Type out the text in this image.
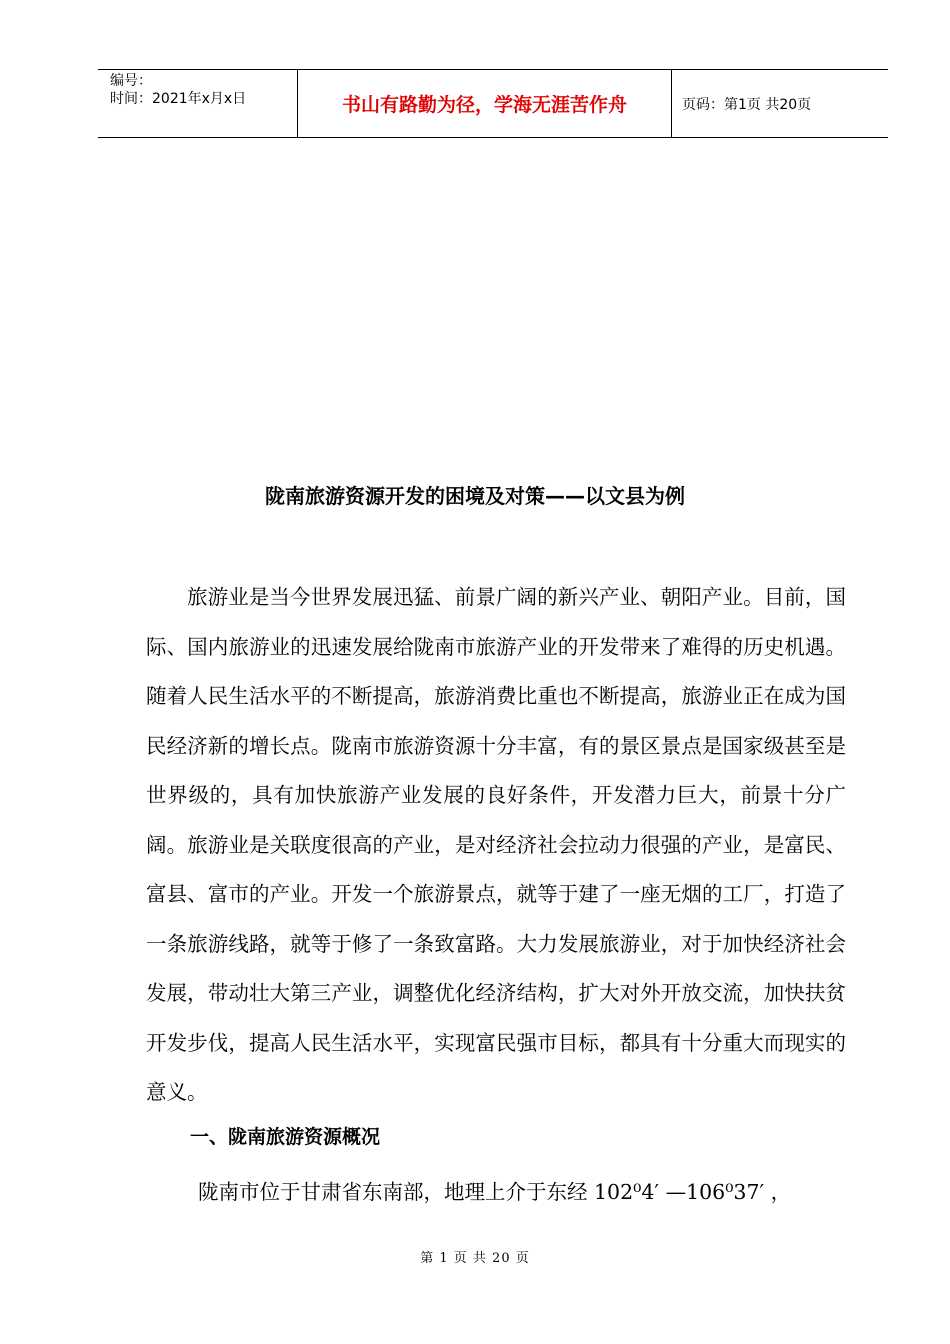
编号：
时间：2021年x月x日	书山有路勤为径，学海无涯苦作舟	页码：第1页 共20页
陇南旅游资源开发的困境及对策——以文县为例

旅游业是当今世界发展迅猛、前景广阔的新兴产业、朝阳产业。目前，国际、国内旅游业的迅速发展给陇南市旅游产业的开发带来了难得的历史机遇。随着人民生活水平的不断提高，旅游消费比重也不断提高，旅游业正在成为国民经济新的增长点。陇南市旅游资源十分丰富，有的景区景点是国家级甚至是世界级的，具有加快旅游产业发展的良好条件，开发潜力巨大，前景十分广阔。旅游业是关联度很高的产业，是对经济社会拉动力很强的产业，是富民、富县、富市的产业。开发一个旅游景点，就等于建了一座无烟的工厂，打造了一条旅游线路，就等于修了一条致富路。大力发展旅游业，对于加快经济社会发展，带动壮大第三产业，调整优化经济结构，扩大对外开放交流，加快扶贫开发步伐，提高人民生活水平，实现富民强市目标，都具有十分重大而现实的意义。

一、陇南旅游资源概况

陇南市位于甘肃省东南部，地理上介于东经 102⁰4′ —106⁰37′ ，

第 1 页 共 20 页
